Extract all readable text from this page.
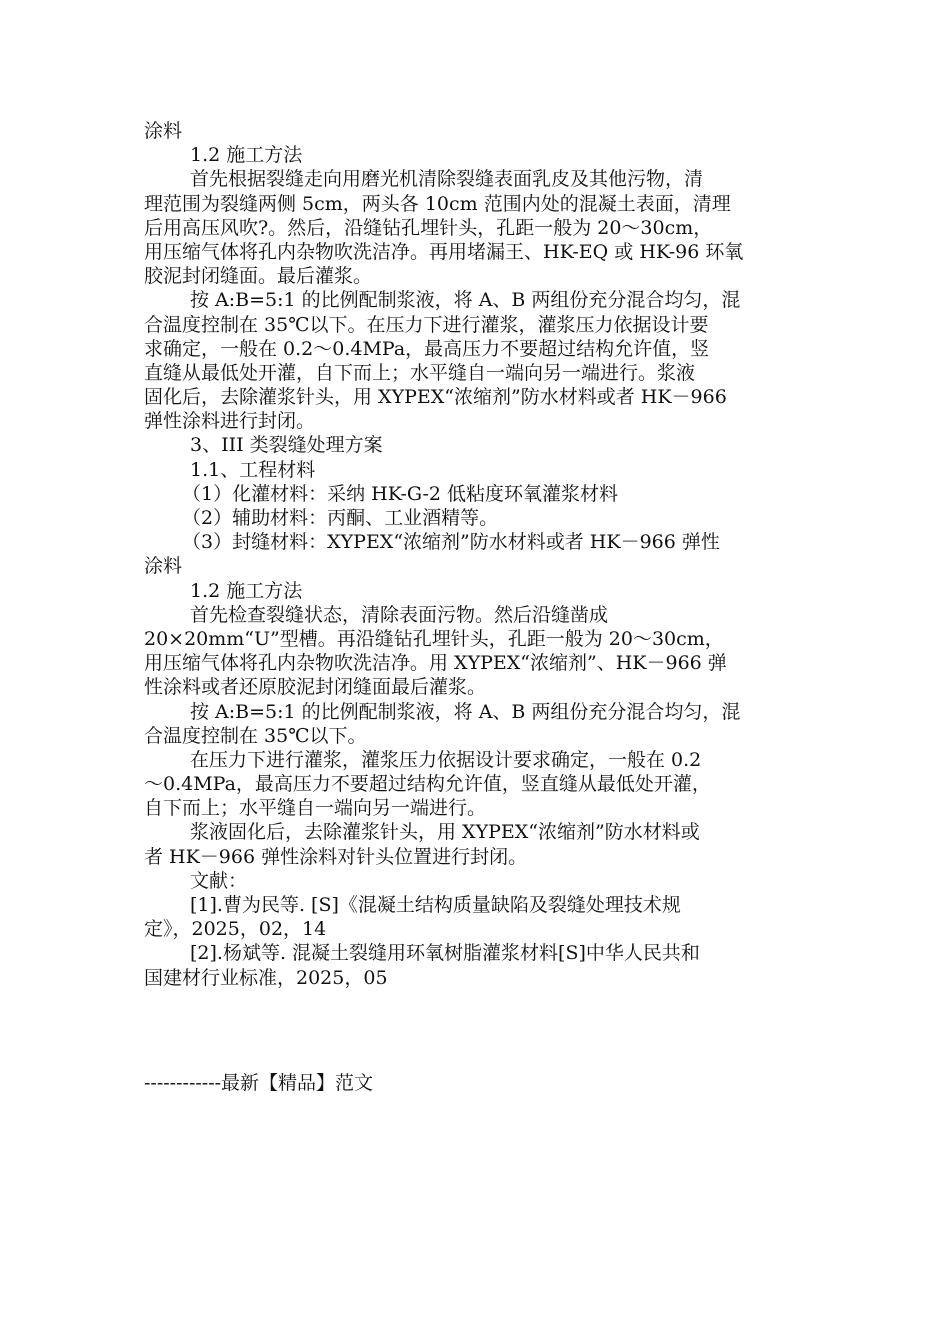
涂料
1.2 施工方法
首先根据裂缝走向用磨光机清除裂缝表面乳皮及其他污物，清
理范围为裂缝两侧 5cm，两头各 10cm 范围内处的混凝土表面，清理
后用高压风吹?。然后，沿缝钻孔埋针头，孔距一般为 20～30cm，
用压缩气体将孔内杂物吹洗洁净。再用堵漏王、HK-EQ 或 HK-96 环氧
胶泥封闭缝面。最后灌浆。
按 A:B=5:1 的比例配制浆液，将 A、B 两组份充分混合均匀，混
合温度控制在 35℃以下。在压力下进行灌浆，灌浆压力依据设计要
求确定，一般在 0.2～0.4MPa，最高压力不要超过结构允许值，竖
直缝从最低处开灌，自下而上；水平缝自一端向另一端进行。浆液
固化后，去除灌浆针头，用 XYPEX“浓缩剂”防水材料或者 HK－966
弹性涂料进行封闭。
3、III 类裂缝处理方案
1.1、工程材料
（1）化灌材料：采纳 HK-G-2 低粘度环氧灌浆材料
（2）辅助材料：丙酮、工业酒精等。
（3）封缝材料：XYPEX“浓缩剂”防水材料或者 HK－966 弹性
涂料
1.2 施工方法
首先检查裂缝状态，清除表面污物。然后沿缝凿成
20×20mm“U”型槽。再沿缝钻孔埋针头，孔距一般为 20～30cm，
用压缩气体将孔内杂物吹洗洁净。用 XYPEX“浓缩剂”、HK－966 弹
性涂料或者还原胶泥封闭缝面最后灌浆。
按 A:B=5:1 的比例配制浆液，将 A、B 两组份充分混合均匀，混
合温度控制在 35℃以下。
在压力下进行灌浆，灌浆压力依据设计要求确定，一般在 0.2
～0.4MPa，最高压力不要超过结构允许值，竖直缝从最低处开灌，
自下而上；水平缝自一端向另一端进行。
浆液固化后，去除灌浆针头，用 XYPEX“浓缩剂”防水材料或
者 HK－966 弹性涂料对针头位置进行封闭。
文献：
[1].曹为民等. [S]《混凝土结构质量缺陷及裂缝处理技术规
定》，2025，02，14
[2].杨斌等. 混凝土裂缝用环氧树脂灌浆材料[S]中华人民共和
国建材行业标准，2025，05
------------最新【精品】范文
